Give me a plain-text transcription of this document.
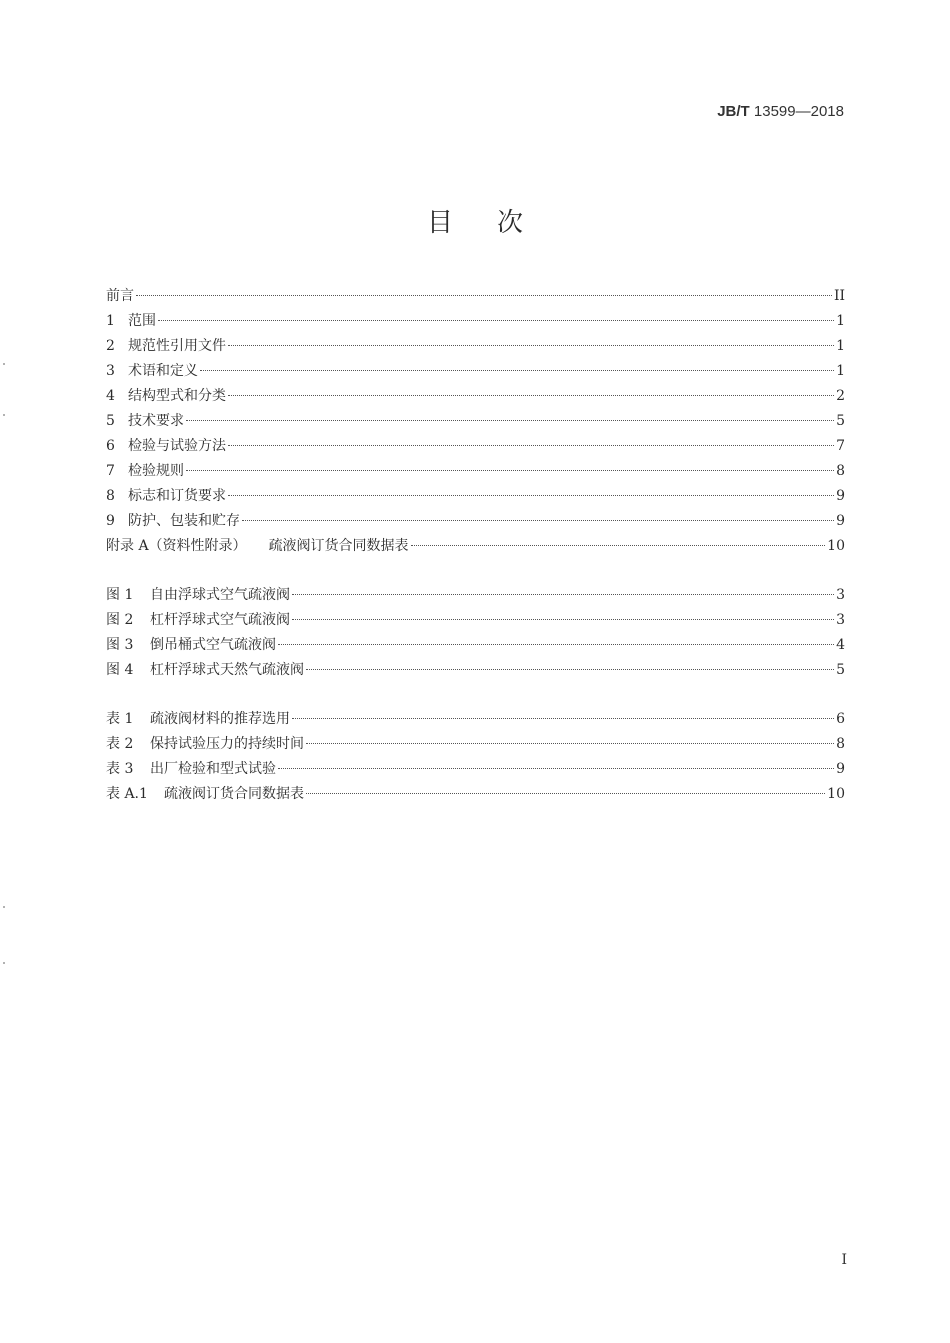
JB/T 13599—2018
目次
前言	II
1 范围	1
2 规范性引用文件	1
3 术语和定义	1
4 结构型式和分类	2
5 技术要求	5
6 检验与试验方法	7
7 检验规则	8
8 标志和订货要求	9
9 防护、包装和贮存	9
附录 A（资料性附录） 疏液阀订货合同数据表	10
图 1 自由浮球式空气疏液阀	3
图 2 杠杆浮球式空气疏液阀	3
图 3 倒吊桶式空气疏液阀	4
图 4 杠杆浮球式天然气疏液阀	5
表 1 疏液阀材料的推荐选用	6
表 2 保持试验压力的持续时间	8
表 3 出厂检验和型式试验	9
表 A.1 疏液阀订货合同数据表	10
I
